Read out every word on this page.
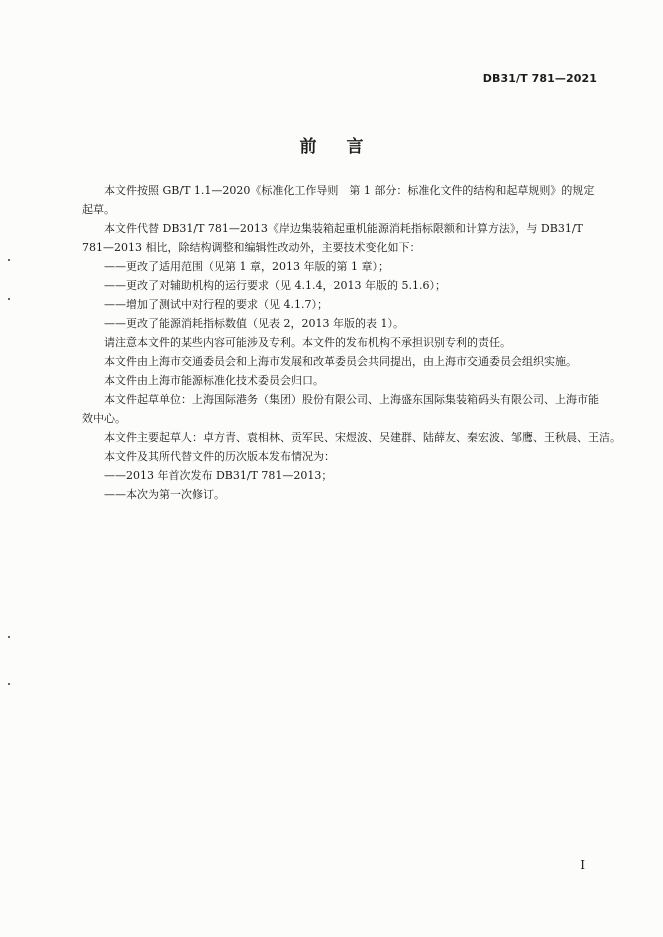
DB31/T 781—2021
前言

本文件按照 GB/T 1.1—2020《标准化工作导则　第 1 部分：标准化文件的结构和起草规则》的规定起草。

本文件代替 DB31/T 781—2013《岸边集装箱起重机能源消耗指标限额和计算方法》，与 DB31/T 781—2013 相比，除结构调整和编辑性改动外，主要技术变化如下：

——更改了适用范围（见第 1 章，2013 年版的第 1 章）；

——更改了对辅助机构的运行要求（见 4.1.4，2013 年版的 5.1.6）；

——增加了测试中对行程的要求（见 4.1.7）；

——更改了能源消耗指标数值（见表 2，2013 年版的表 1）。

请注意本文件的某些内容可能涉及专利。本文件的发布机构不承担识别专利的责任。

本文件由上海市交通委员会和上海市发展和改革委员会共同提出，由上海市交通委员会组织实施。

本文件由上海市能源标准化技术委员会归口。

本文件起草单位：上海国际港务（集团）股份有限公司、上海盛东国际集装箱码头有限公司、上海市能效中心。

本文件主要起草人：卓方青、袁相林、贡军民、宋煜波、吴建群、陆薛友、秦宏波、邹鹰、王秋晨、王洁。

本文件及其所代替文件的历次版本发布情况为：

——2013 年首次发布 DB31/T 781—2013；

——本次为第一次修订。

I
